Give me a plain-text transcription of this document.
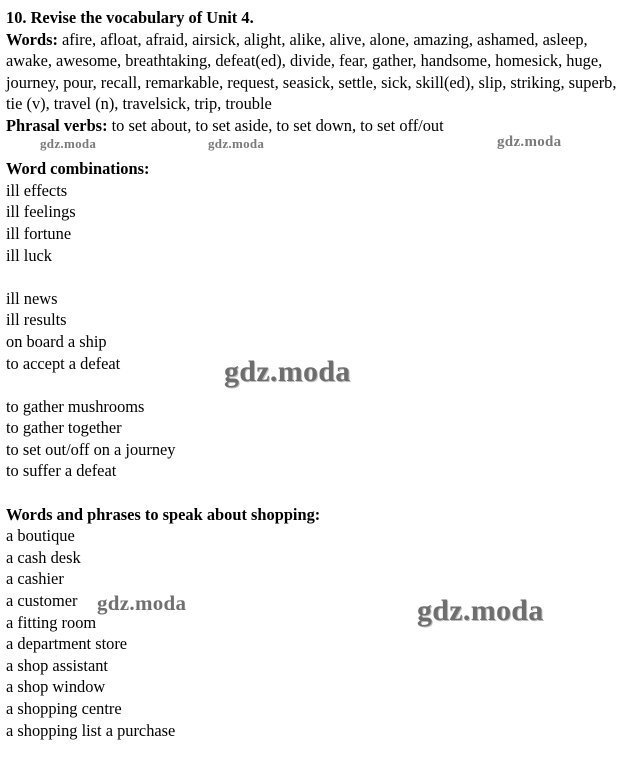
10. Revise the vocabulary of Unit 4.
Words: afire, afloat, afraid, airsick, alight, alike, alive, alone, amazing, ashamed, asleep, awake, awesome, breathtaking, defeat(ed), divide, fear, gather, handsome, homesick, huge, journey, pour, recall, remarkable, request, seasick, settle, sick, skill(ed), slip, striking, superb, tie (v), travel (n), travelsick, trip, trouble
Phrasal verbs: to set about, to set aside, to set down, to set off/out
Word combinations:
ill effects
ill feelings
ill fortune
ill luck
ill news
ill results
on board a ship
to accept a defeat
to gather mushrooms
to gather together
to set out/off on a journey
to suffer a defeat
Words and phrases to speak about shopping:
a boutique
a cash desk
a cashier
a customer
a fitting room
a department store
a shop assistant
a shop window
a shopping centre
a shopping list a purchase
gdz.moda	gdz.moda	gdz.moda
gdz.moda
gdz.moda	gdz.moda
